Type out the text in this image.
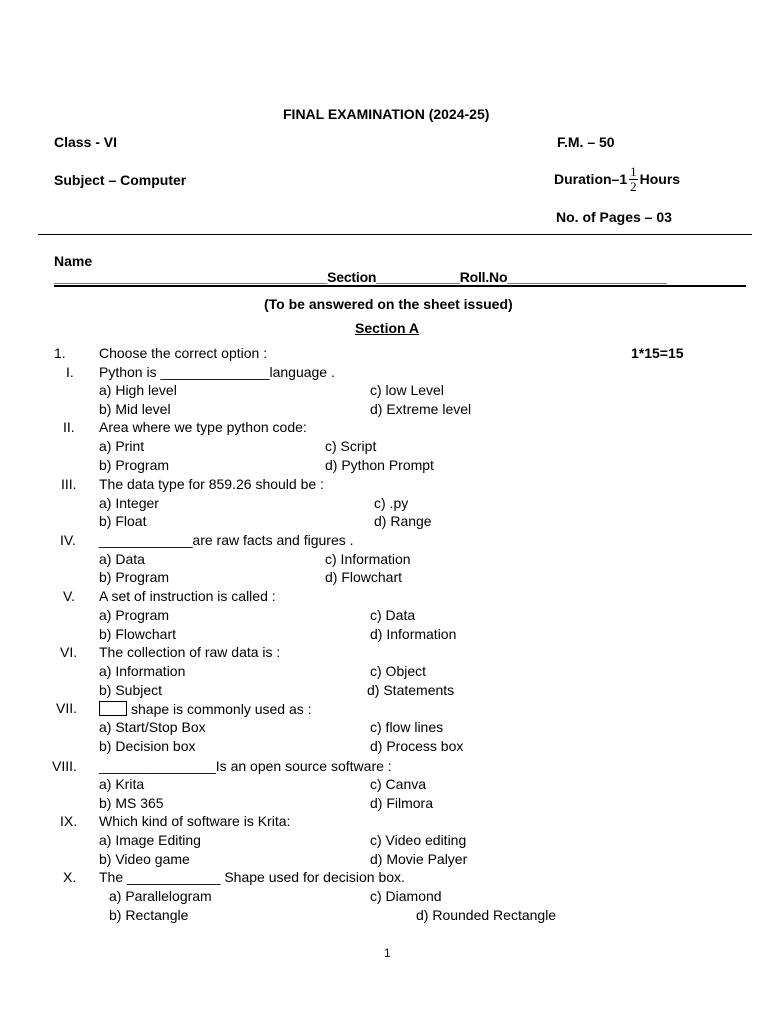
FINAL EXAMINATION (2024-25)
Class - VI	F.M. – 50
Subject – Computer	Duration–1 $\frac{1}{2}$ Hours
No. of Pages – 03
Name
____________________________________Section___________Roll.No_____________________
(To be answered on the sheet issued)
Section A
1. Choose the correct option :	1*15=15
I. Python is ______________language .
a) High level	c) low Level
b) Mid level	d) Extreme level
II. Area where we type python code:
a) Print	c) Script
b) Program	d) Python Prompt
III. The data type for 859.26 should be :
a) Integer	c) .py
b) Float	d) Range
IV. ____________are raw facts and figures .
a) Data	c) Information
b) Program	d) Flowchart
V. A set of instruction is called :
a) Program	c) Data
b) Flowchart	d) Information
VI. The collection of raw data is :
a) Information	c) Object
b) Subject	d) Statements
VII.	shape is commonly used as :
a) Start/Stop Box	c) flow lines
b) Decision box	d) Process box
VIII. _______________Is an open source software :
a) Krita	c) Canva
b) MS 365	d) Filmora
IX. Which kind of software is Krita:
a) Image Editing	c) Video editing
b) Video game	d) Movie Palyer
X. The ____________ Shape used for decision box.
a) Parallelogram	c) Diamond
b) Rectangle	d) Rounded Rectangle
1
